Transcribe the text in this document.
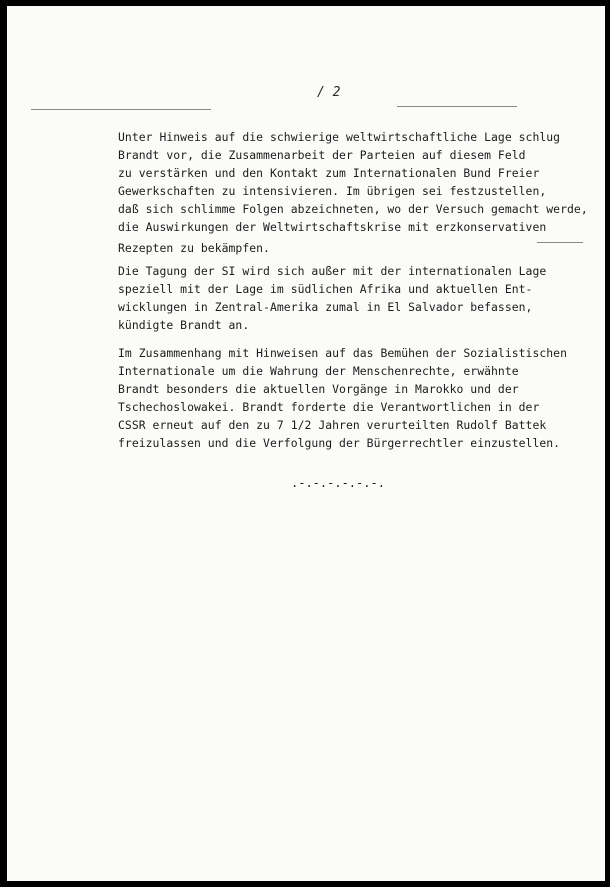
/ 2

Unter Hinweis auf die schwierige weltwirtschaftliche Lage schlug
Brandt vor, die Zusammenarbeit der Parteien auf diesem Feld
zu verstärken und den Kontakt zum Internationalen Bund Freier
Gewerkschaften zu intensivieren. Im übrigen sei festzustellen,
daß sich schlimme Folgen abzeichneten, wo der Versuch gemacht werde,
die Auswirkungen der Weltwirtschaftskrise mit erzkonservativen

Rezepten zu bekämpfen.

Die Tagung der SI wird sich außer mit der internationalen Lage
speziell mit der Lage im südlichen Afrika und aktuellen Ent-
wicklungen in Zentral-Amerika zumal in El Salvador befassen,
kündigte Brandt an.

Im Zusammenhang mit Hinweisen auf das Bemühen der Sozialistischen
Internationale um die Wahrung der Menschenrechte, erwähnte
Brandt besonders die aktuellen Vorgänge in Marokko und der
Tschechoslowakei. Brandt forderte die Verantwortlichen in der
CSSR erneut auf den zu 7 1/2 Jahren verurteilten Rudolf Battek
freizulassen und die Verfolgung der Bürgerrechtler einzustellen.

.-.-.-.-.-.-.
